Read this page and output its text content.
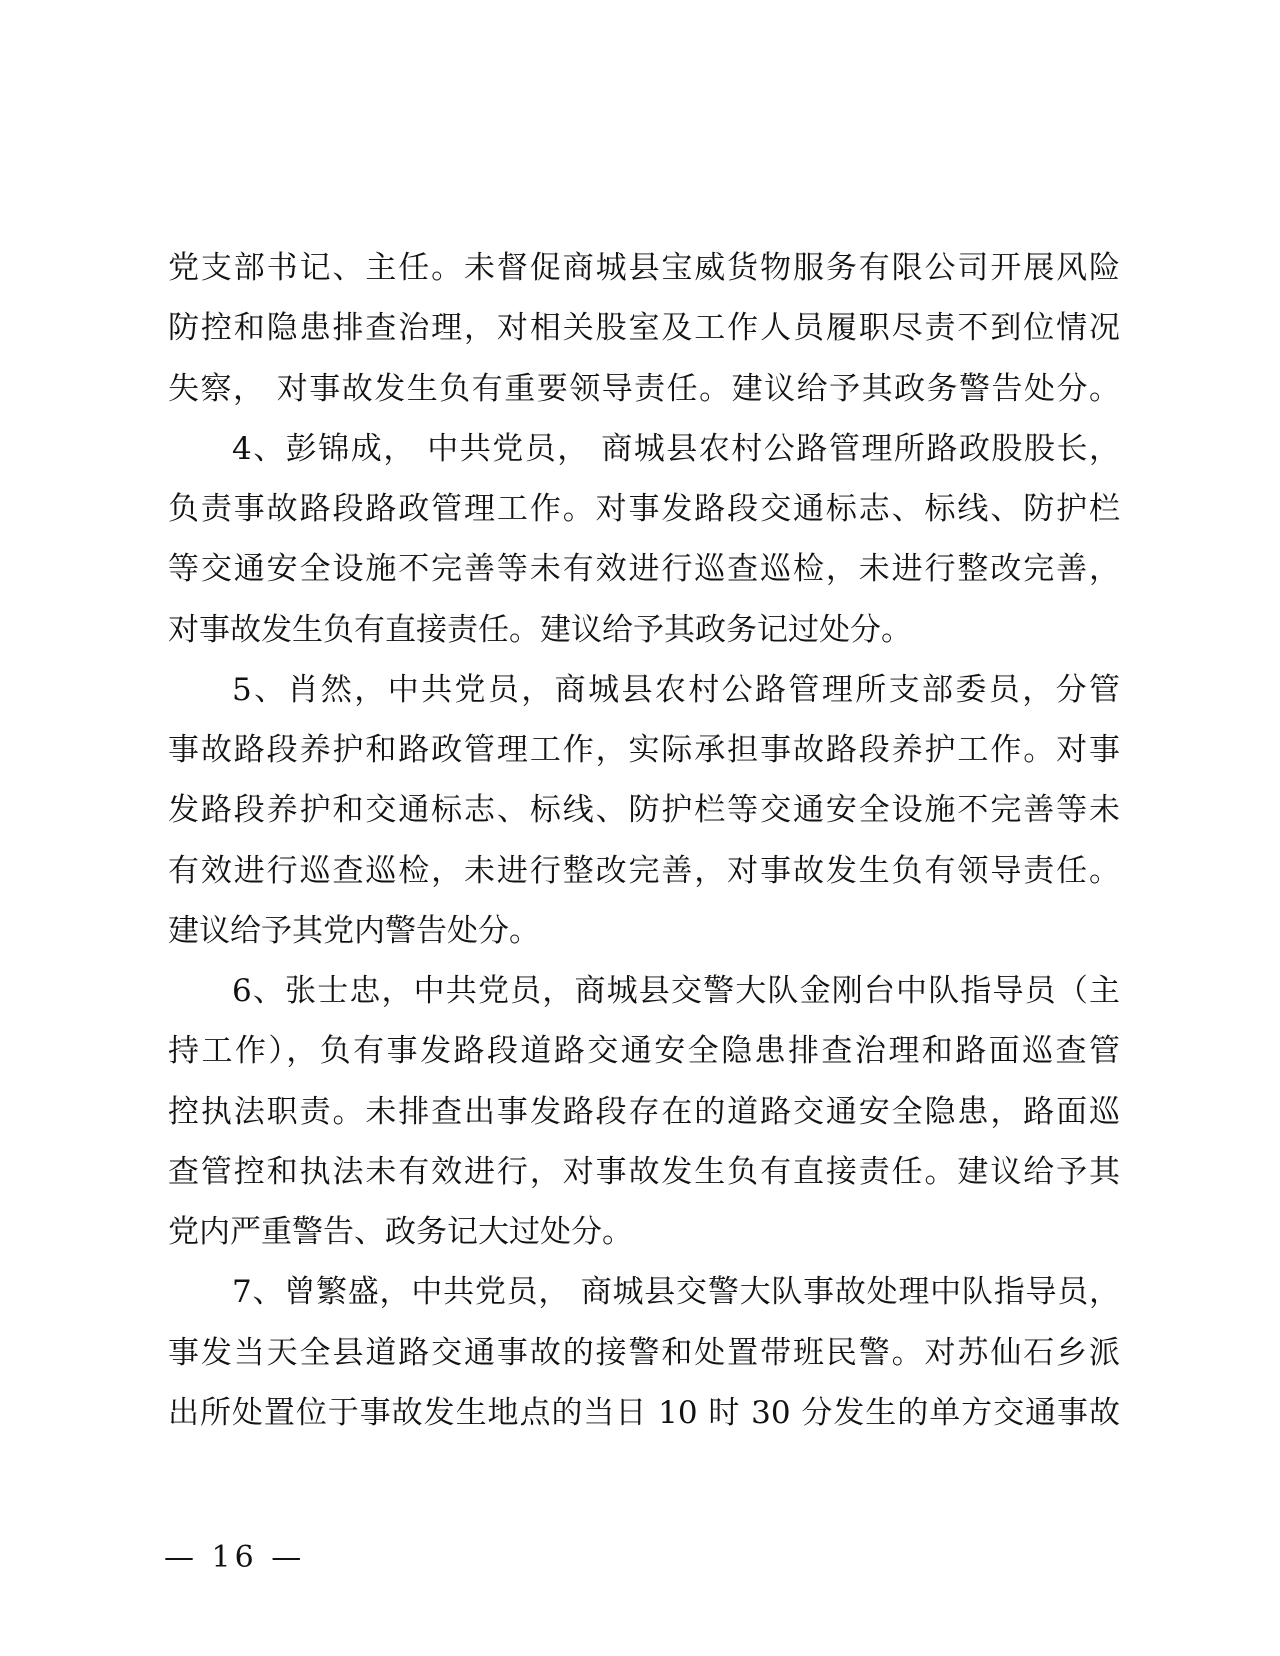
党支部书记、主任。未督促商城县宝威货物服务有限公司开展风险
防控和隐患排查治理，对相关股室及工作人员履职尽责不到位情况
失察， 对事故发生负有重要领导责任。建议给予其政务警告处分。
4、彭锦成， 中共党员， 商城县农村公路管理所路政股股长，
负责事故路段路政管理工作。对事发路段交通标志、标线、防护栏
等交通安全设施不完善等未有效进行巡查巡检，未进行整改完善，
对事故发生负有直接责任。建议给予其政务记过处分。
5、肖然，中共党员，商城县农村公路管理所支部委员，分管
事故路段养护和路政管理工作，实际承担事故路段养护工作。对事
发路段养护和交通标志、标线、防护栏等交通安全设施不完善等未
有效进行巡查巡检，未进行整改完善，对事故发生负有领导责任。
建议给予其党内警告处分。
6、张士忠，中共党员，商城县交警大队金刚台中队指导员（主
持工作），负有事发路段道路交通安全隐患排查治理和路面巡查管
控执法职责。未排查出事发路段存在的道路交通安全隐患，路面巡
查管控和执法未有效进行，对事故发生负有直接责任。建议给予其
党内严重警告、政务记大过处分。
7、曾繁盛，中共党员， 商城县交警大队事故处理中队指导员，
事发当天全县道路交通事故的接警和处置带班民警。对苏仙石乡派
出所处置位于事故发生地点的当日 10 时 30 分发生的单方交通事故
— 16 —
